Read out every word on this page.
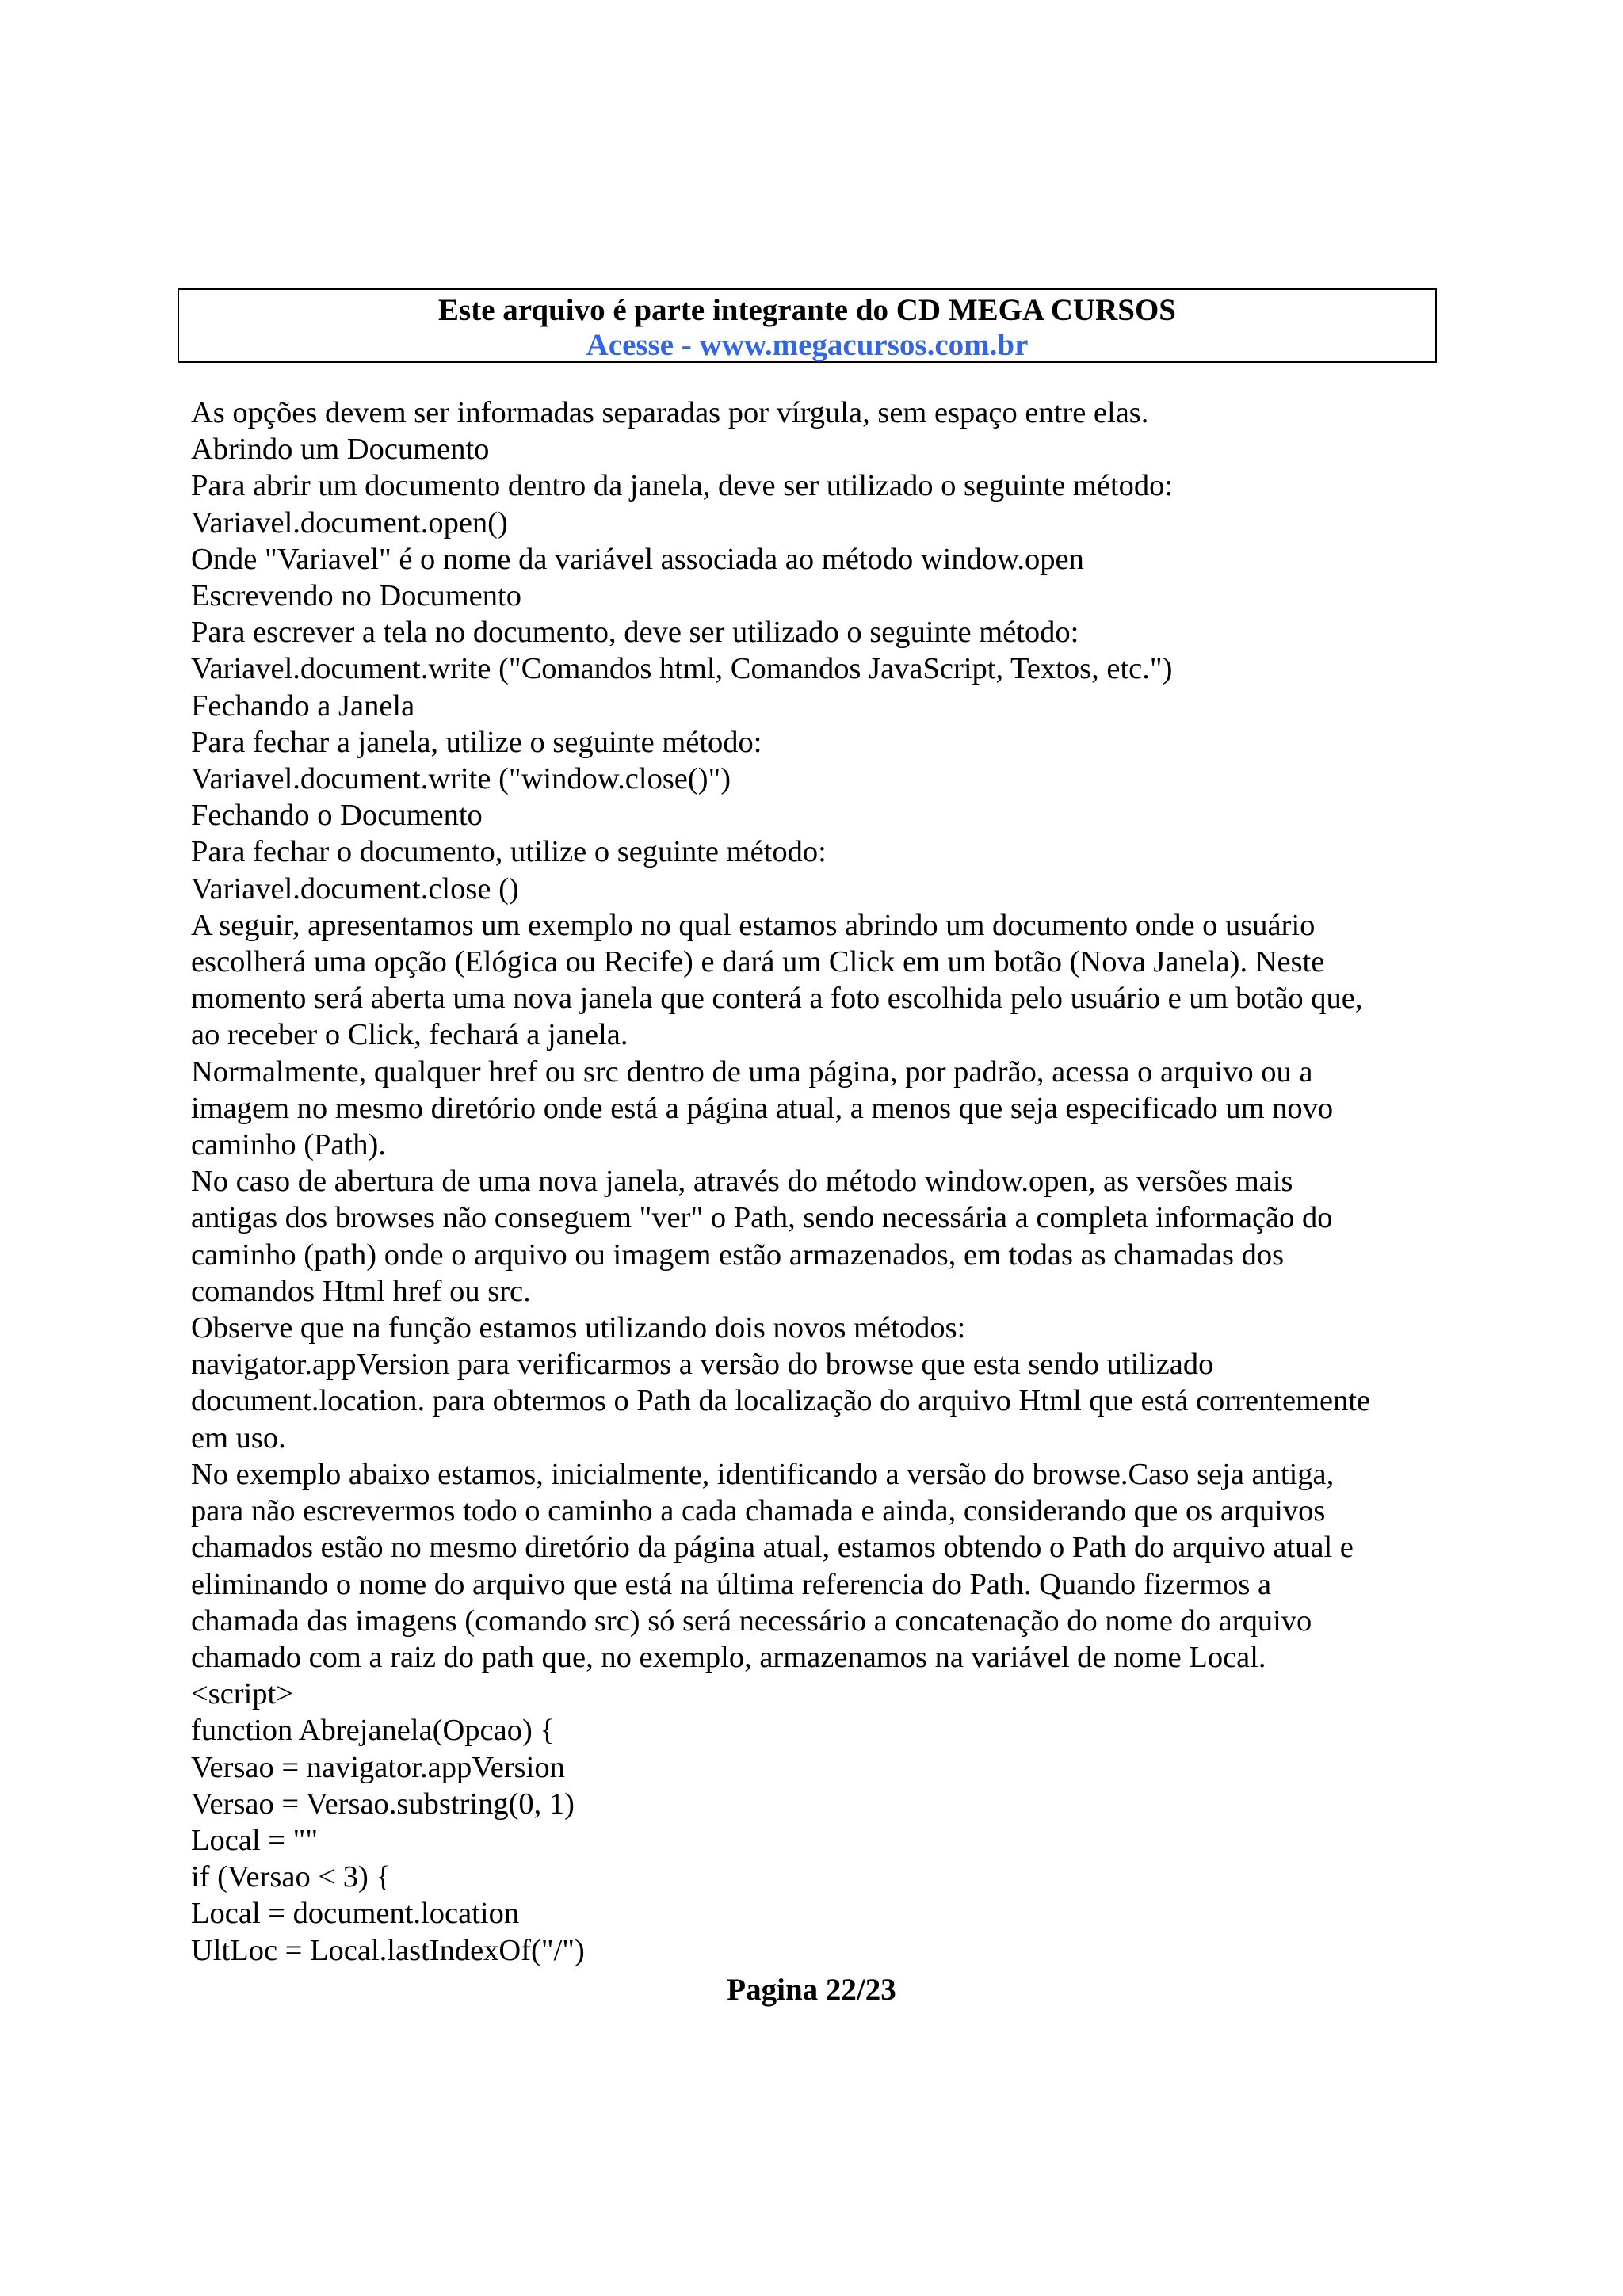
Este arquivo é parte integrante do CD MEGA CURSOS
Acesse - www.megacursos.com.br
As opções devem ser informadas separadas por vírgula, sem espaço entre elas.
Abrindo um Documento
Para abrir um documento dentro da janela, deve ser utilizado o seguinte método:
Variavel.document.open()
Onde "Variavel" é o nome da variável associada ao método window.open
Escrevendo no Documento
Para escrever a tela no documento, deve ser utilizado o seguinte método:
Variavel.document.write ("Comandos html, Comandos JavaScript, Textos, etc.")
Fechando a Janela
Para fechar a janela, utilize o seguinte método:
Variavel.document.write ("window.close()")
Fechando o Documento
Para fechar o documento, utilize o seguinte método:
Variavel.document.close ()
A seguir, apresentamos um exemplo no qual estamos abrindo um documento onde o usuário
escolherá uma opção (Elógica ou Recife) e dará um Click em um botão (Nova Janela). Neste
momento será aberta uma nova janela que conterá a foto escolhida pelo usuário e um botão que,
ao receber o Click, fechará a janela.
Normalmente, qualquer href ou src dentro de uma página, por padrão, acessa o arquivo ou a
imagem no mesmo diretório onde está a página atual, a menos que seja especificado um novo
caminho (Path).
No caso de abertura de uma nova janela, através do método window.open, as versões mais
antigas dos browses não conseguem "ver" o Path, sendo necessária a completa informação do
caminho (path) onde o arquivo ou imagem estão armazenados, em todas as chamadas dos
comandos Html href ou src.
Observe que na função estamos utilizando dois novos métodos:
navigator.appVersion para verificarmos a versão do browse que esta sendo utilizado
document.location. para obtermos o Path da localização do arquivo Html que está correntemente
em uso.
No exemplo abaixo estamos, inicialmente, identificando a versão do browse.Caso seja antiga,
para não escrevermos todo o caminho a cada chamada e ainda, considerando que os arquivos
chamados estão no mesmo diretório da página atual, estamos obtendo o Path do arquivo atual e
eliminando o nome do arquivo que está na última referencia do Path. Quando fizermos a
chamada das imagens (comando src) só será necessário a concatenação do nome do arquivo
chamado com a raiz do path que, no exemplo, armazenamos na variável de nome Local.
<script>
function Abrejanela(Opcao) {
Versao = navigator.appVersion
Versao = Versao.substring(0, 1)
Local = ""
if (Versao < 3) {
Local = document.location
UltLoc = Local.lastIndexOf("/")
Pagina 22/23
